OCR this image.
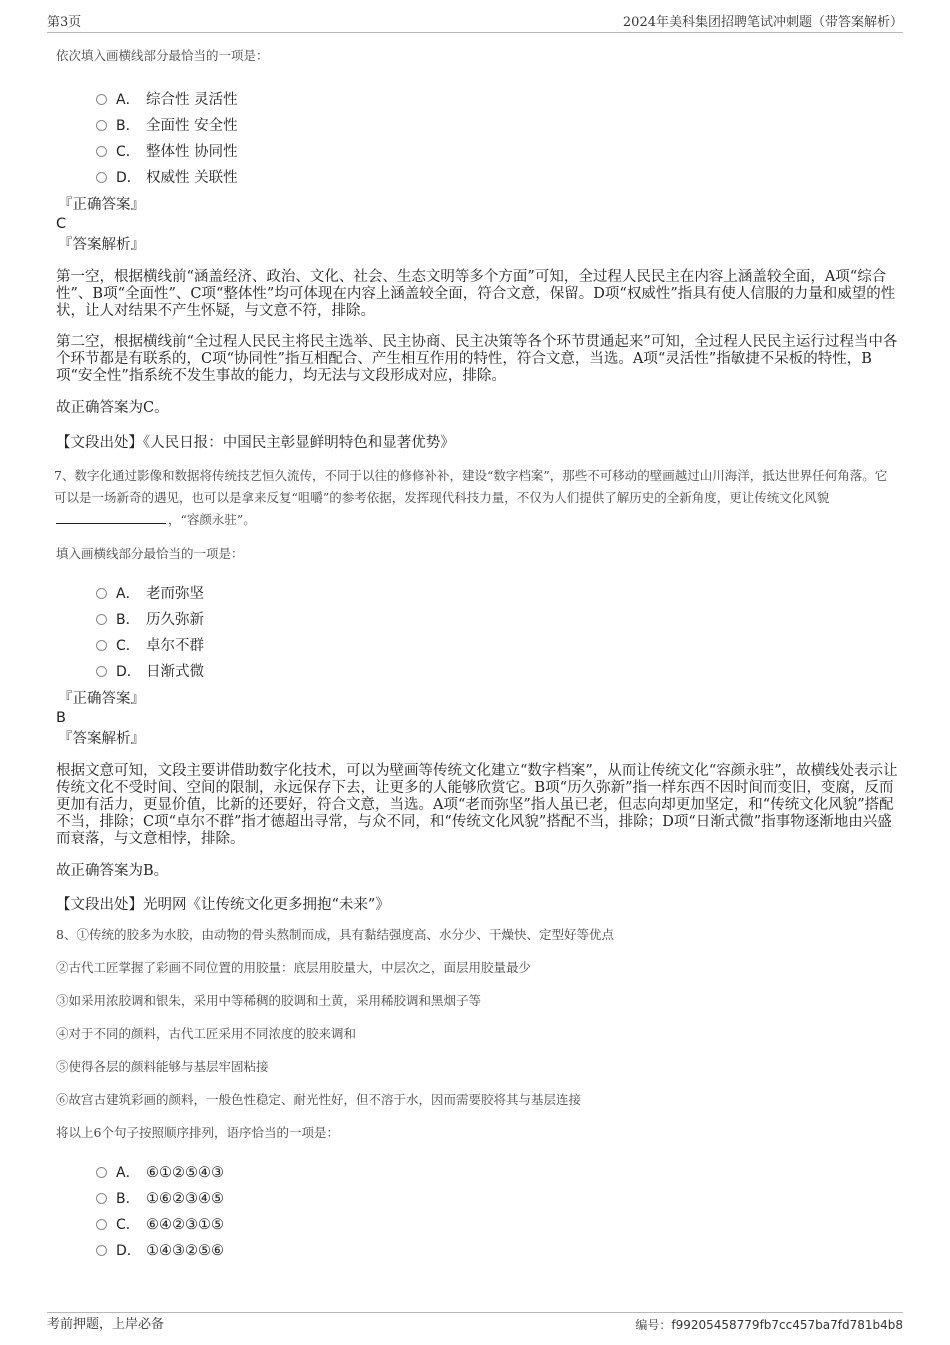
第3页	2024年美科集团招聘笔试冲刺题（带答案解析）
依次填入画横线部分最恰当的一项是：
A． 综合性 灵活性
B． 全面性 安全性
C． 整体性 协同性
D． 权威性 关联性
『正确答案』
C
『答案解析』

第一空，根据横线前“涵盖经济、政治、文化、社会、生态文明等多个方面”可知，全过程人民民主在内容上涵盖较全面，A项“综合性”、B项“全面性”、C项“整体性”均可体现在内容上涵盖较全面，符合文意，保留。D项“权威性”指具有使人信服的力量和威望的性状，让人对结果不产生怀疑，与文意不符，排除。

第二空，根据横线前“全过程人民民主将民主选举、民主协商、民主决策等各个环节贯通起来”可知，全过程人民民主运行过程当中各个环节都是有联系的，C项“协同性”指互相配合、产生相互作用的特性，符合文意，当选。A项“灵活性”指敏捷不呆板的特性，B项“安全性”指系统不发生事故的能力，均无法与文段形成对应，排除。

故正确答案为C。

【文段出处】《人民日报：中国民主彰显鲜明特色和显著优势》

7、数字化通过影像和数据将传统技艺恒久流传，不同于以往的修修补补，建设“数字档案”，那些不可移动的壁画越过山川海洋，抵达世界任何角落。它可以是一场新奇的遇见，也可以是拿来反复“咀嚼”的参考依据，发挥现代科技力量，不仅为人们提供了解历史的全新角度，更让传统文化风貌，“容颜永驻”。
填入画横线部分最恰当的一项是：
A． 老而弥坚
B． 历久弥新
C． 卓尔不群
D． 日渐式微
『正确答案』
B
『答案解析』

根据文意可知，文段主要讲借助数字化技术，可以为壁画等传统文化建立“数字档案”，从而让传统文化“容颜永驻”，故横线处表示让传统文化不受时间、空间的限制，永远保存下去，让更多的人能够欣赏它。B项“历久弥新”指一样东西不因时间而变旧，变腐，反而更加有活力，更显价值，比新的还要好，符合文意，当选。A项“老而弥坚”指人虽已老，但志向却更加坚定，和“传统文化风貌”搭配不当，排除；C项“卓尔不群”指才德超出寻常，与众不同，和“传统文化风貌”搭配不当，排除；D项“日渐式微”指事物逐渐地由兴盛而衰落，与文意相悖，排除。

故正确答案为B。

【文段出处】光明网《让传统文化更多拥抱“未来”》

8、①传统的胶多为水胶，由动物的骨头熬制而成，具有黏结强度高、水分少、干燥快、定型好等优点
②古代工匠掌握了彩画不同位置的用胶量：底层用胶量大，中层次之，面层用胶量最少
③如采用浓胶调和银朱，采用中等稀稠的胶调和土黄，采用稀胶调和黑烟子等
④对于不同的颜料，古代工匠采用不同浓度的胶来调和
⑤使得各层的颜料能够与基层牢固粘接
⑥故宫古建筑彩画的颜料，一般色性稳定、耐光性好，但不溶于水，因而需要胶将其与基层连接
将以上6个句子按照顺序排列，语序恰当的一项是：
A． ⑥①②⑤④③
B． ①⑥②③④⑤
C． ⑥④②③①⑤
D． ①④③②⑤⑥
考前押题，上岸必备	编号：f99205458779fb7cc457ba7fd781b4b8
